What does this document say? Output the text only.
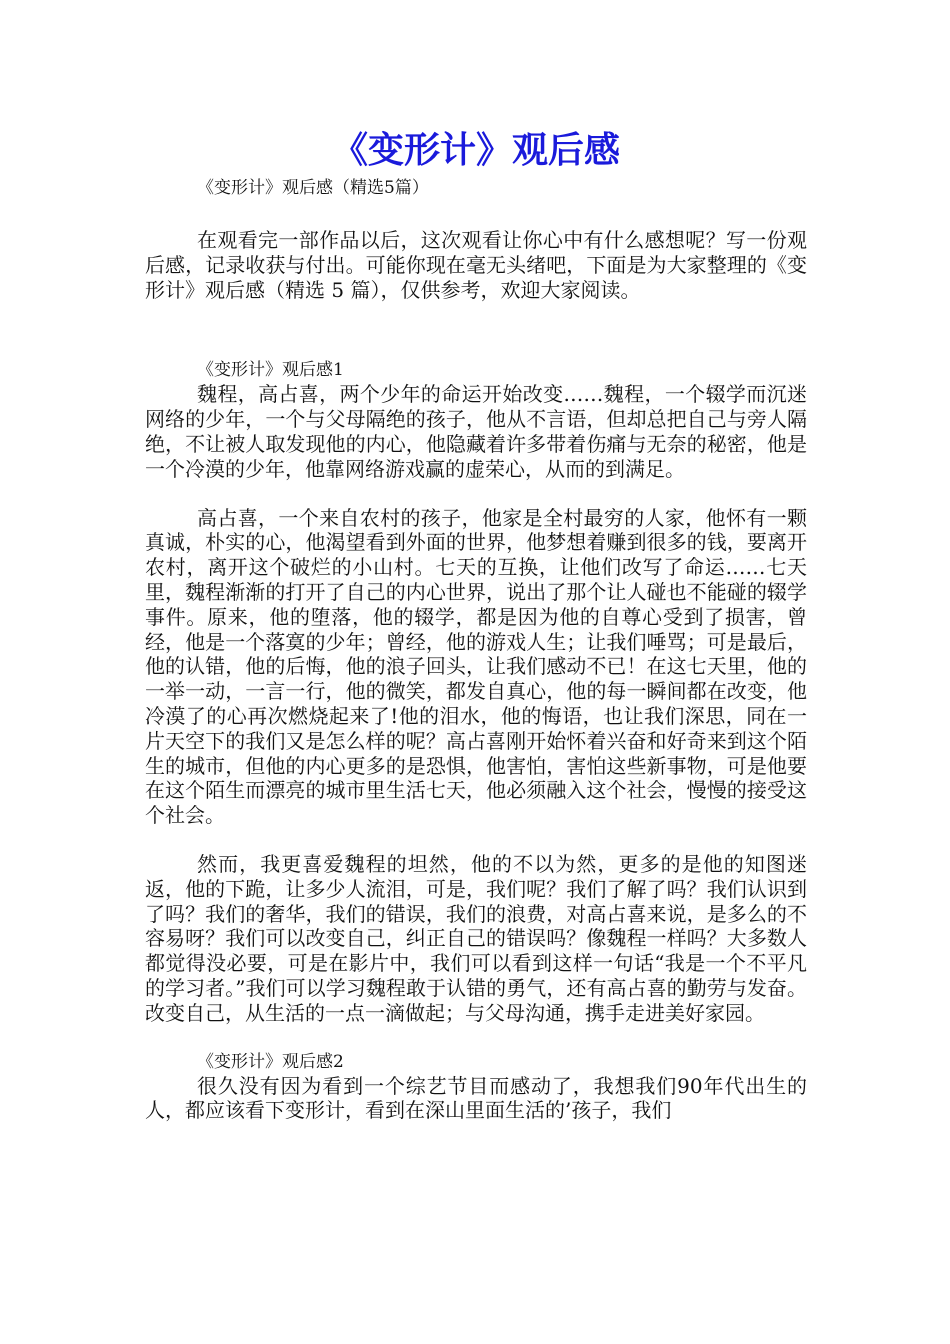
《变形计》观后感

《变形计》观后感（精选5篇）

在观看完一部作品以后，这次观看让你心中有什么感想呢？写一份观后感，记录收获与付出。可能你现在毫无头绪吧，下面是为大家整理的《变形计》观后感（精选 5 篇），仅供参考，欢迎大家阅读。

《变形计》观后感1

魏程，高占喜，两个少年的命运开始改变……魏程，一个辍学而沉迷网络的少年，一个与父母隔绝的孩子，他从不言语，但却总把自己与旁人隔绝，不让被人取发现他的内心，他隐藏着许多带着伤痛与无奈的秘密，他是一个冷漠的少年，他靠网络游戏赢的虚荣心，从而的到满足。

高占喜，一个来自农村的孩子，他家是全村最穷的人家，他怀有一颗真诚，朴实的心，他渴望看到外面的世界，他梦想着赚到很多的钱，要离开农村，离开这个破烂的小山村。七天的互换，让他们改写了命运……七天里，魏程渐渐的打开了自己的内心世界，说出了那个让人碰也不能碰的辍学事件。原来，他的堕落，他的辍学，都是因为他的自尊心受到了损害，曾经，他是一个落寞的少年；曾经，他的游戏人生；让我们唾骂；可是最后，他的认错，他的后悔，他的浪子回头，让我们感动不已！在这七天里，他的一举一动，一言一行，他的微笑，都发自真心，他的每一瞬间都在改变，他冷漠了的心再次燃烧起来了!他的泪水，他的悔语，也让我们深思，同在一片天空下的我们又是怎么样的呢？高占喜刚开始怀着兴奋和好奇来到这个陌生的城市，但他的内心更多的是恐惧，他害怕，害怕这些新事物，可是他要在这个陌生而漂亮的城市里生活七天，他必须融入这个社会，慢慢的接受这个社会。

然而，我更喜爱魏程的坦然，他的不以为然，更多的是他的知图迷返，他的下跪，让多少人流泪，可是，我们呢？我们了解了吗？我们认识到了吗？我们的奢华，我们的错误，我们的浪费，对高占喜来说，是多么的不容易呀？我们可以改变自己，纠正自己的错误吗？像魏程一样吗？大多数人都觉得没必要，可是在影片中，我们可以看到这样一句话“我是一个不平凡的学习者。”我们可以学习魏程敢于认错的勇气，还有高占喜的勤劳与发奋。改变自己，从生活的一点一滴做起；与父母沟通，携手走进美好家园。

《变形计》观后感2

很久没有因为看到一个综艺节目而感动了，我想我们90年代出生的人，都应该看下变形计，看到在深山里面生活的’孩子，我们
